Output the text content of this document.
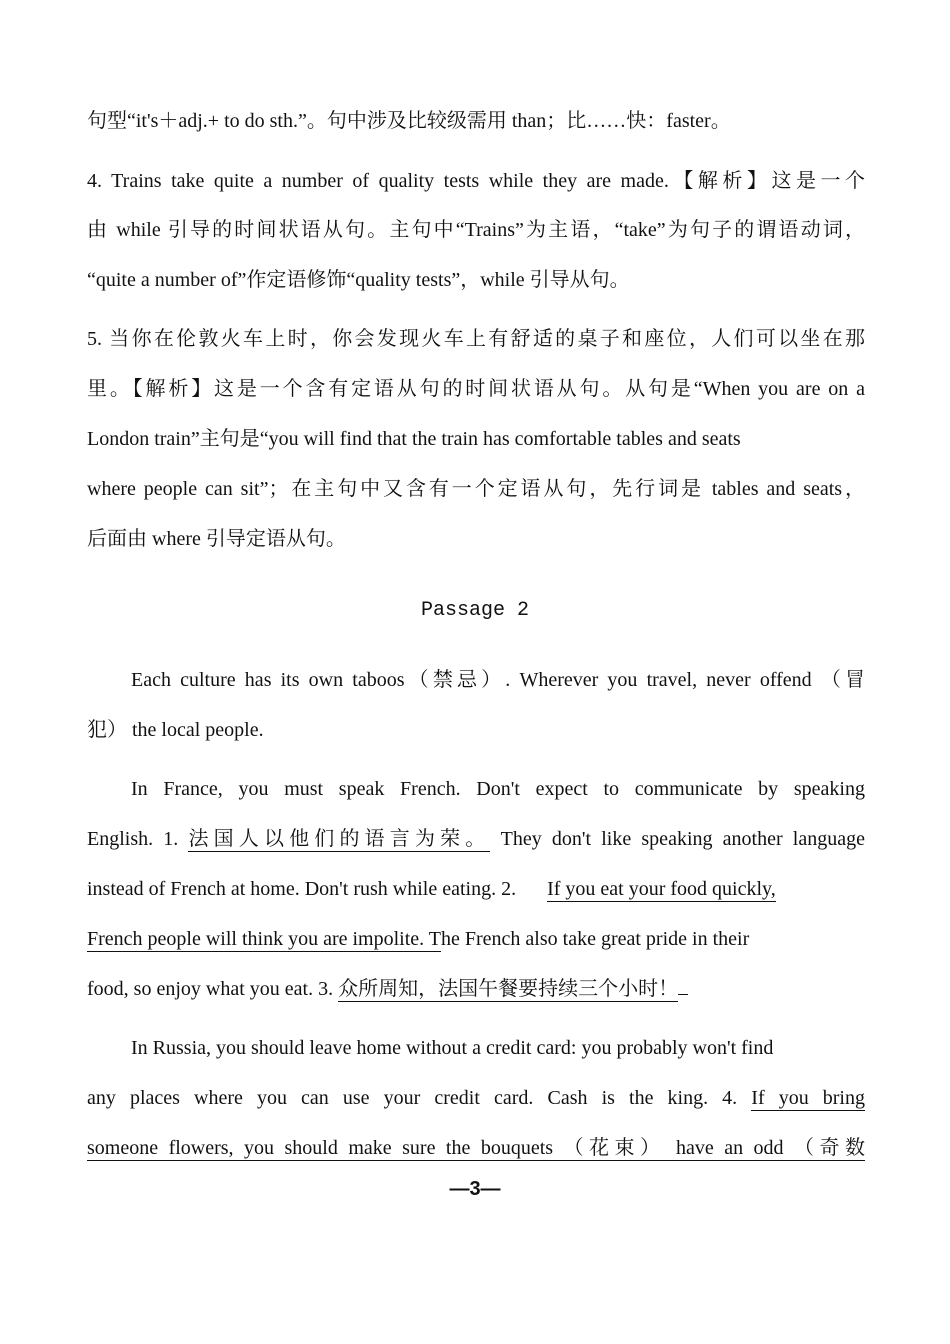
句型“it's＋adj.+ to do sth.”。句中涉及比较级需用 than；比……快：faster。
4. Trains take quite a number of quality tests while they are made.【解析】这是一个
由 while 引导的时间状语从句。主句中“Trains”为主语，“take”为句子的谓语动词，
“quite a number of”作定语修饰“quality tests”，while 引导从句。
5. 当你在伦敦火车上时，你会发现火车上有舒适的桌子和座位，人们可以坐在那
里。【解析】这是一个含有定语从句的时间状语从句。从句是“When you are on a
London train”主句是“you will find that the train has comfortable tables and seats
where people can sit”；在主句中又含有一个定语从句，先行词是 tables and seats，
后面由 where 引导定语从句。
Passage 2
Each culture has its own taboos（禁忌）. Wherever you travel, never offend （冒
犯） the local people.
In France, you must speak French. Don't expect to communicate by speaking
English. 1. 法国人以他们的语言为荣。 They don't like speaking another language
instead of French at home. Don't rush while eating. 2. If you eat your food quickly,
French people will think you are impolite. The French also take great pride in their
food, so enjoy what you eat. 3. 众所周知，法国午餐要持续三个小时！
In Russia, you should leave home without a credit card: you probably won't find
any places where you can use your credit card. Cash is the king. 4. If you bring
someone flowers, you should make sure the bouquets （花束） have an odd （奇数
—3—
